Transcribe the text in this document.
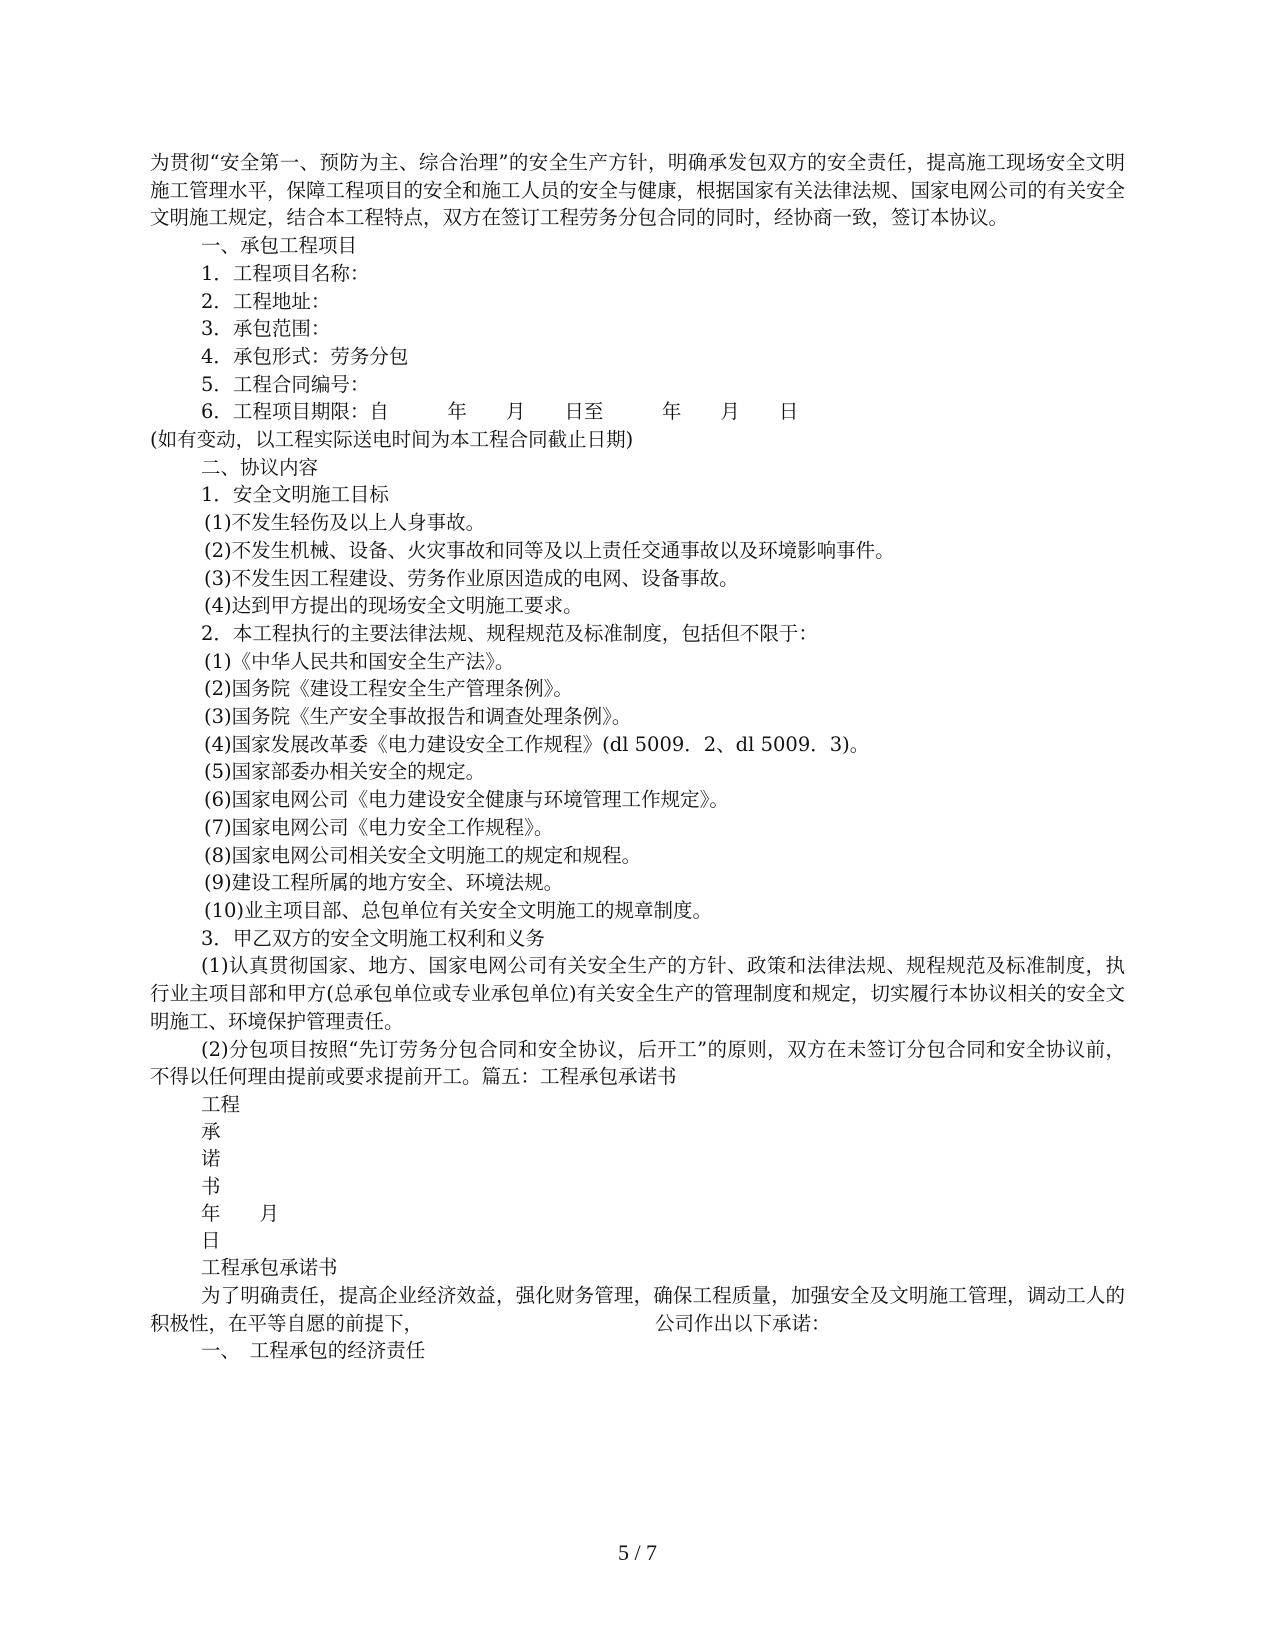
为贯彻“安全第一、预防为主、综合治理”的安全生产方针，明确承发包双方的安全责任，提高施工现场安全文明施工管理水平，保障工程项目的安全和施工人员的安全与健康，根据国家有关法律法规、国家电网公司的有关安全文明施工规定，结合本工程特点，双方在签订工程劳务分包合同的同时，经协商一致，签订本协议。

一、承包工程项目

1．工程项目名称：

2．工程地址：

3．承包范围：

4．承包形式：劳务分包

5．工程合同编号：

6．工程项目期限：自　　　年　　月　　日至　　　年　　月　　日

(如有变动，以工程实际送电时间为本工程合同截止日期)

二、协议内容

1．安全文明施工目标

(1)不发生轻伤及以上人身事故。

(2)不发生机械、设备、火灾事故和同等及以上责任交通事故以及环境影响事件。

(3)不发生因工程建设、劳务作业原因造成的电网、设备事故。

(4)达到甲方提出的现场安全文明施工要求。

2．本工程执行的主要法律法规、规程规范及标准制度，包括但不限于：

(1)《中华人民共和国安全生产法》。

(2)国务院《建设工程安全生产管理条例》。

(3)国务院《生产安全事故报告和调查处理条例》。

(4)国家发展改革委《电力建设安全工作规程》(dl 5009．2、dl 5009．3)。

(5)国家部委办相关安全的规定。

(6)国家电网公司《电力建设安全健康与环境管理工作规定》。

(7)国家电网公司《电力安全工作规程》。

(8)国家电网公司相关安全文明施工的规定和规程。

(9)建设工程所属的地方安全、环境法规。

(10)业主项目部、总包单位有关安全文明施工的规章制度。

3．甲乙双方的安全文明施工权利和义务

(1)认真贯彻国家、地方、国家电网公司有关安全生产的方针、政策和法律法规、规程规范及标准制度，执行业主项目部和甲方(总承包单位或专业承包单位)有关安全生产的管理制度和规定，切实履行本协议相关的安全文明施工、环境保护管理责任。

(2)分包项目按照“先订劳务分包合同和安全协议，后开工”的原则，双方在未签订分包合同和安全协议前，不得以任何理由提前或要求提前开工。篇五：工程承包承诺书

工程

承

诺

书

年　　月

日

工程承包承诺书

为了明确责任，提高企业经济效益，强化财务管理，确保工程质量，加强安全及文明施工管理，调动工人的积极性，在平等自愿的前提下，	公司作出以下承诺：

一、　工程承包的经济责任

5 / 7
